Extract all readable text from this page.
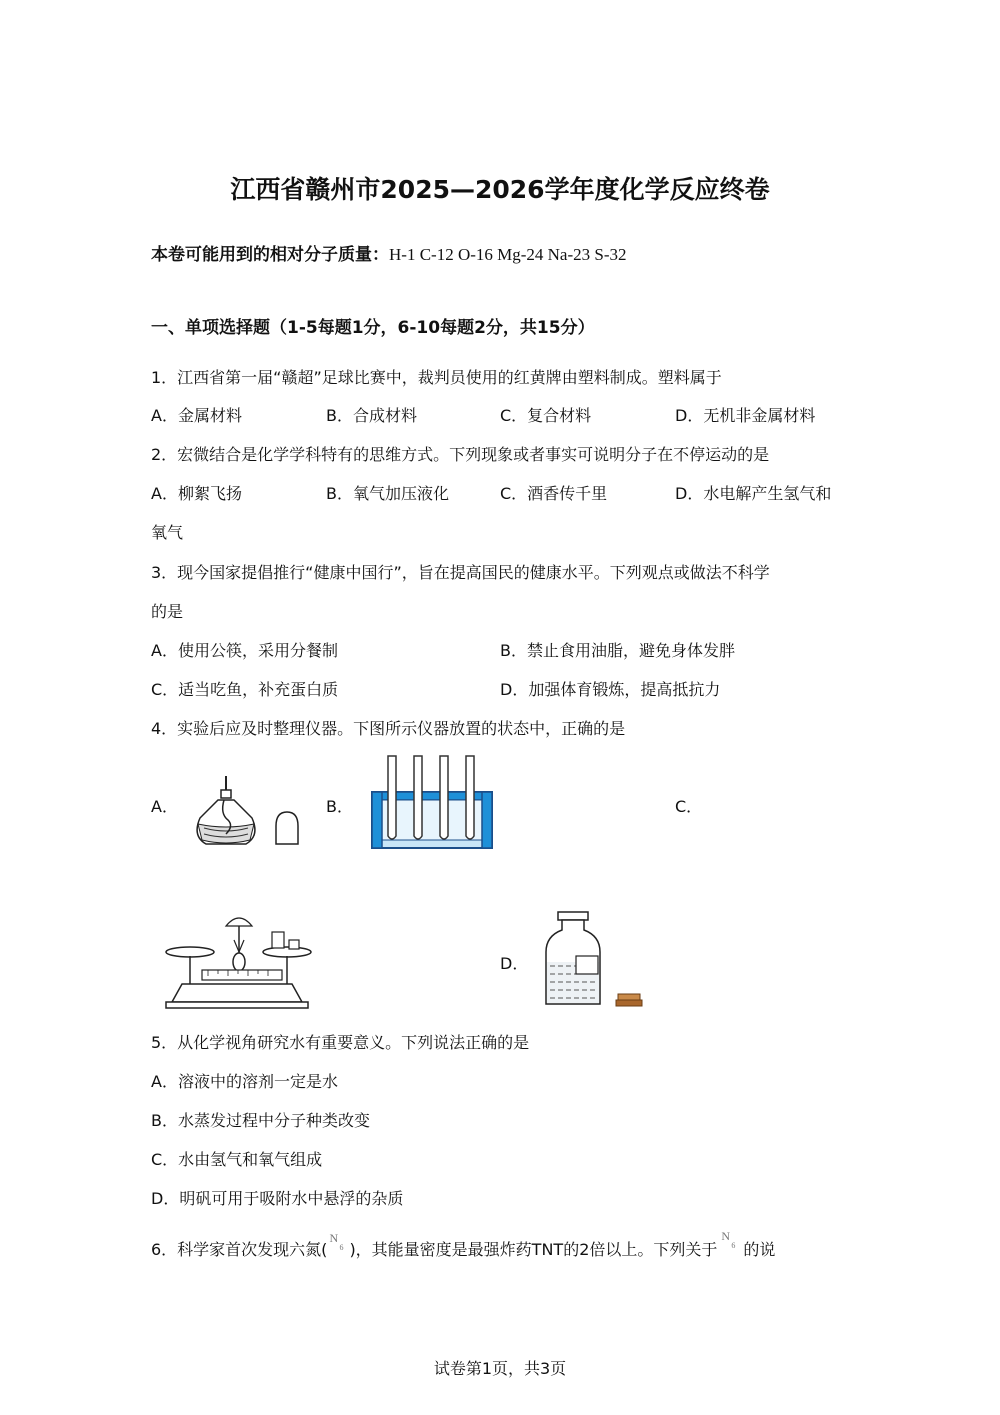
江西省赣州市2025—2026学年度化学反应终卷
本卷可能用到的相对分子质量：H-1 C-12 O-16 Mg-24 Na-23 S-32
一、单项选择题（1-5每题1分，6-10每题2分，共15分）
1．江西省第一届“赣超”足球比赛中，裁判员使用的红黄牌由塑料制成。塑料属于
A．金属材料	B．合成材料	C．复合材料	D．无机非金属材料
2．宏微结合是化学学科特有的思维方式。下列现象或者事实可说明分子在不停运动的是
A．柳絮飞扬	B．氧气加压液化	C．酒香传千里	D．水电解产生氢气和
氧气
3．现今国家提倡推行“健康中国行”，旨在提高国民的健康水平。下列观点或做法不科学
的是
A．使用公筷，采用分餐制	B．禁止食用油脂，避免身体发胖
C．适当吃鱼，补充蛋白质	D．加强体育锻炼，提高抵抗力
4．实验后应及时整理仪器。下图所示仪器放置的状态中，正确的是
A．	B．	C．
D．
5．从化学视角研究水有重要意义。下列说法正确的是
A．溶液中的溶剂一定是水
B．水蒸发过程中分子种类改变
C．水由氢气和氧气组成
D．明矾可用于吸附水中悬浮的杂质
6．科学家首次发现六氮(
N
6 )，其能量密度是最强炸药TNT的2倍以上。下列关于
N
6 的说
试卷第1页，共3页
